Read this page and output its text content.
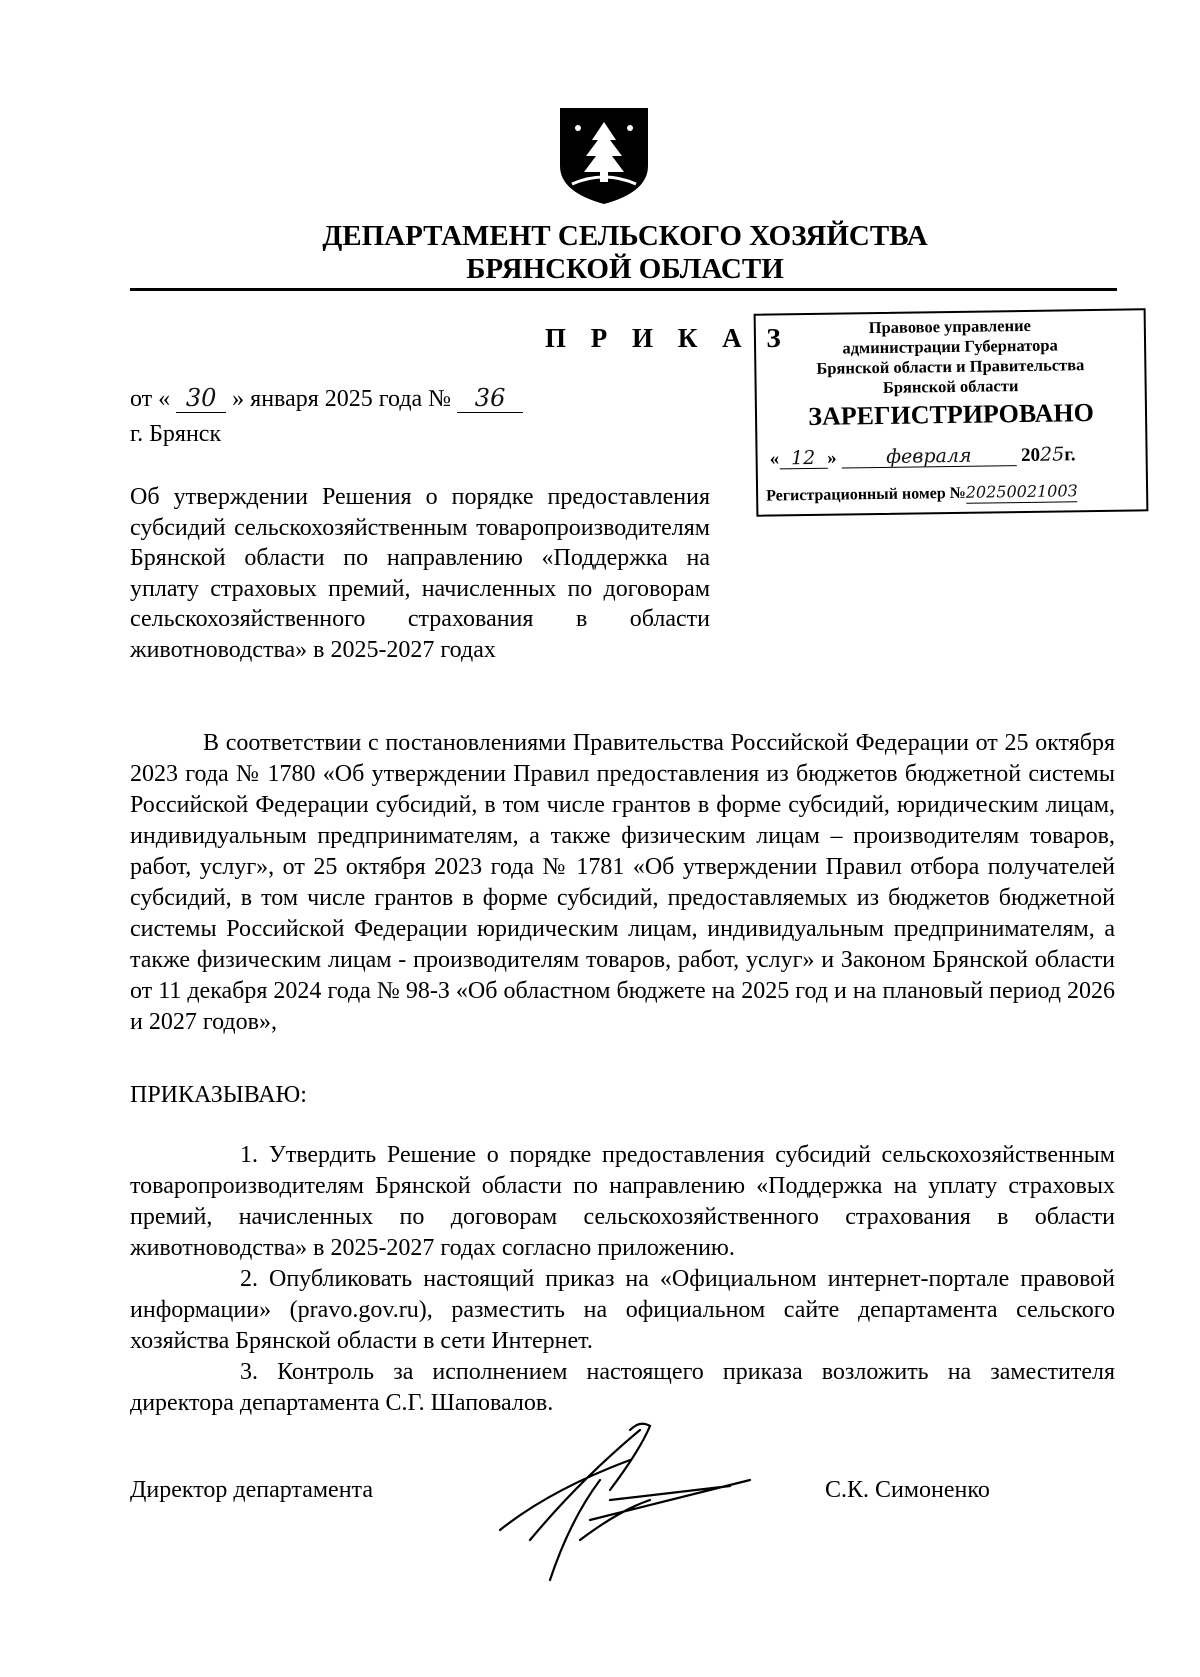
ДЕПАРТАМЕНТ СЕЛЬСКОГО ХОЗЯЙСТВА
БРЯНСКОЙ ОБЛАСТИ
П Р И К А З	Правовое управление
администрации Губернатора
Брянской области и Правительства
Брянской области
ЗАРЕГИСТРИРОВАНО
« 12 »	февраля	2025г.
Регистрационный номер №2025002100З
от « 30 » января 2025 года № 36
г. Брянск
Об утверждении Решения о порядке предоставления субсидий сельскохозяйственным товаропроизводителям Брянской области по направлению «Поддержка на уплату страховых премий, начисленных по договорам сельскохозяйственного страхования в области животноводства» в 2025-2027 годах
В соответствии с постановлениями Правительства Российской Федерации от 25 октября 2023 года № 1780 «Об утверждении Правил предоставления из бюджетов бюджетной системы Российской Федерации субсидий, в том числе грантов в форме субсидий, юридическим лицам, индивидуальным предпринимателям, а также физическим лицам – производителям товаров, работ, услуг», от 25 октября 2023 года № 1781 «Об утверждении Правил отбора получателей субсидий, в том числе грантов в форме субсидий, предоставляемых из бюджетов бюджетной системы Российской Федерации юридическим лицам, индивидуальным предпринимателям, а также физическим лицам - производителям товаров, работ, услуг» и Законом Брянской области от 11 декабря 2024 года № 98-З «Об областном бюджете на 2025 год и на плановый период 2026 и 2027 годов»,
ПРИКАЗЫВАЮ:

1. Утвердить Решение о порядке предоставления субсидий сельскохозяйственным товаропроизводителям Брянской области по направлению «Поддержка на уплату страховых премий, начисленных по договорам сельскохозяйственного страхования в области животноводства» в 2025-2027 годах согласно приложению.

2. Опубликовать настоящий приказ на «Официальном интернет-портале правовой информации» (pravo.gov.ru), разместить на официальном сайте департамента сельского хозяйства Брянской области в сети Интернет.

3. Контроль за исполнением настоящего приказа возложить на заместителя директора департамента С.Г. Шаповалов.

Директор департамента	С.К. Симоненко
